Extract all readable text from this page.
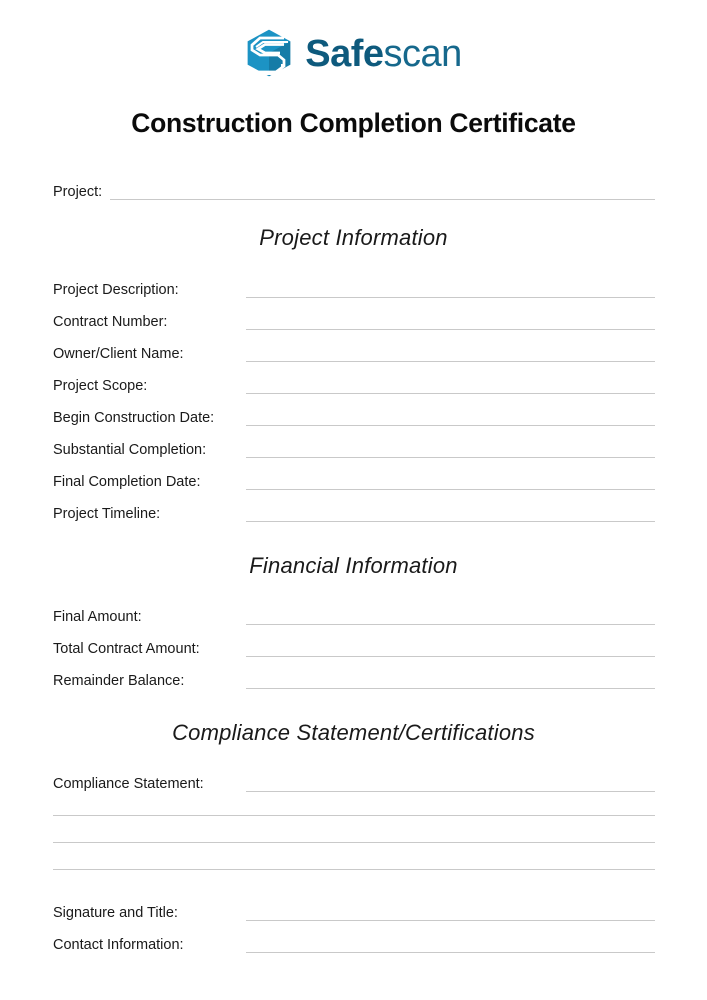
Safescan
Construction Completion Certificate
Project:
Project Information
Project Description:
Contract Number:
Owner/Client Name:
Project Scope:
Begin Construction Date:
Substantial Completion:
Final Completion Date:
Project Timeline:
Financial Information
Final Amount:
Total Contract Amount:
Remainder Balance:
Compliance Statement/Certifications
Compliance Statement:
Signature and Title:
Contact Information:
